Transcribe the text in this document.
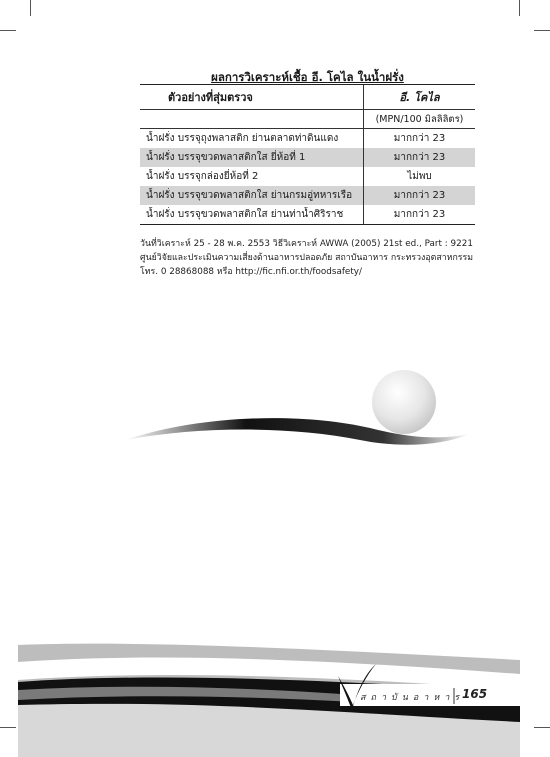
ผลการวิเคราะห์เชื้อ อี. โคไล ในน้ำฝรั่ง
ตัวอย่างที่สุ่มตรวจ	อี. โคไล
(MPN/100 มิลลิลิตร)
น้ำฝรั่ง บรรจุถุงพลาสติก ย่านตลาดท่าดินแดง	มากกว่า 23
น้ำฝรั่ง บรรจุขวดพลาสติกใส ยี่ห้อที่ 1	มากกว่า 23
น้ำฝรั่ง บรรจุกล่องยี่ห้อที่ 2	ไม่พบ
น้ำฝรั่ง บรรจุขวดพลาสติกใส ย่านกรมอู่ทหารเรือ	มากกว่า 23
น้ำฝรั่ง บรรจุขวดพลาสติกใส ย่านท่าน้ำศิริราช	มากกว่า 23
วันที่วิเคราะห์ 25 - 28 พ.ค. 2553 วิธีวิเคราะห์ AWWA (2005) 21st ed., Part : 9221
ศูนย์วิจัยและประเมินความเสี่ยงด้านอาหารปลอดภัย สถาบันอาหาร กระทรวงอุตสาหกรรม
โทร. 0 28868088 หรือ http://fic.nfi.or.th/foodsafety/
สถาบันอาหาร
165
